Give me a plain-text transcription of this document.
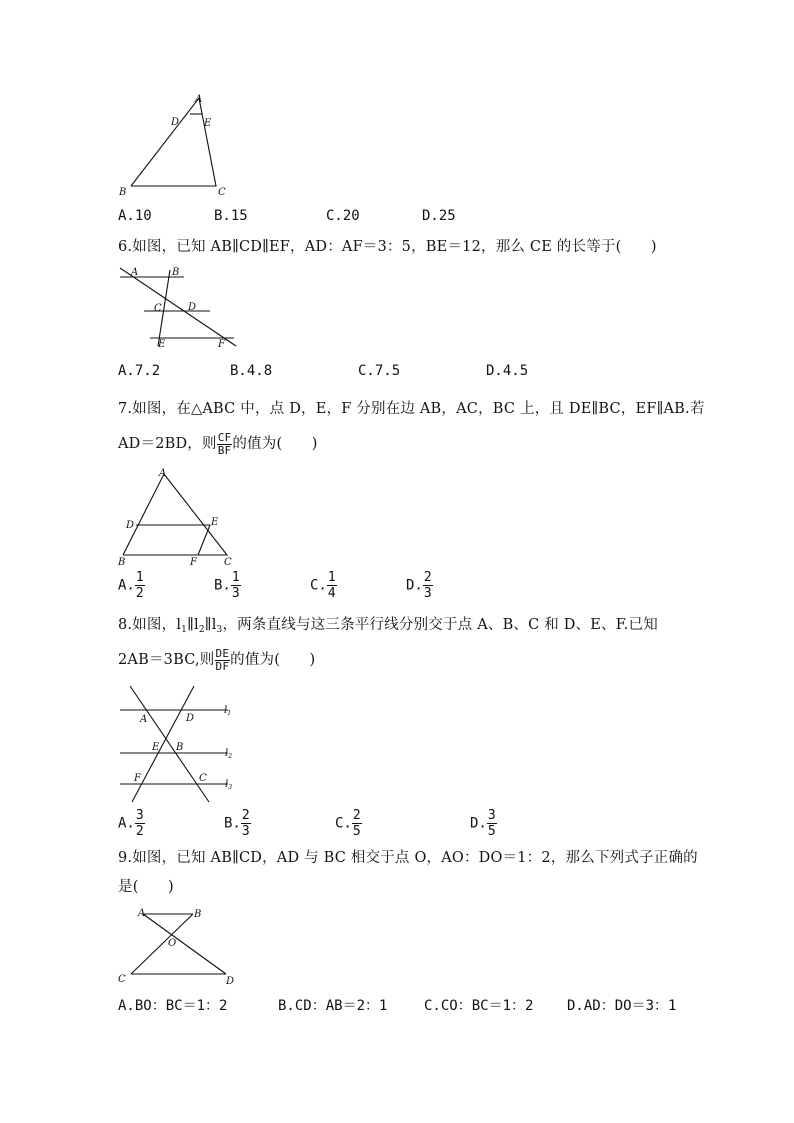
A
D E
B	C
A.10	B.15	C.20	D.25
6.如图，已知 AB∥CD∥EF，AD：AF＝3：5，BE＝12，那么 CE 的长等于(　　)
A	B
C	D
E	F
A.7.2	B.4.8	C.7.5	D.4.5
7.如图，在△ABC 中，点 D，E，F 分别在边 AB，AC，BC 上，且 DE∥BC，EF∥AB.若
AD＝2BD，则 $\frac{CF}{BF}$ 的值为(　　)
A
D	E
B	F	C
A. $\frac{1}{2}$	B. $\frac{1}{3}$	C. $\frac{1}{4}$	D. $\frac{2}{3}$
8.如图，$l_1\parallel l_2\parallel l_3$，两条直线与这三条平行线分别交于点 A、B、C 和 D、E、F.已知
2AB＝3BC,则 $\frac{DE}{DF}$ 的值为(　　)
A	D
E B
F	C
$l_1$
$l_2$
$l_3$
A. $\frac{3}{2}$	B. $\frac{2}{3}$	C. $\frac{2}{5}$	D. $\frac{3}{5}$
9.如图，已知 AB∥CD，AD 与 BC 相交于点 O，AO：DO＝1：2，那么下列式子正确的
是(　　)
A	B
O
C	D
A.BO：BC＝1：2	B.CD：AB＝2：1	C.CO：BC＝1：2 D.AD：DO＝3：1
